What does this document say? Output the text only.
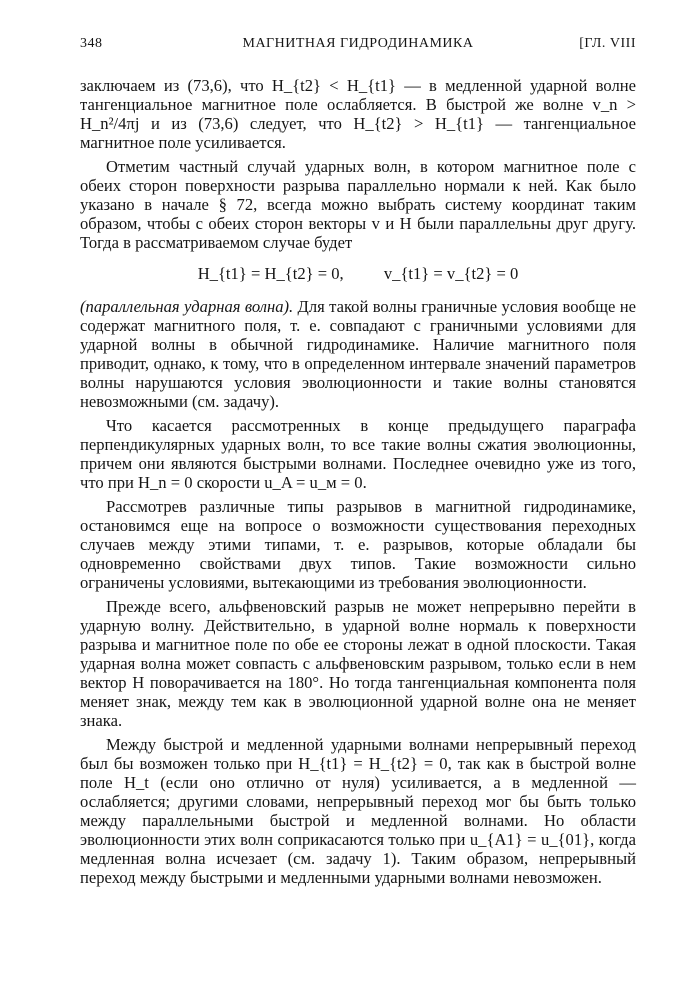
348	МАГНИТНАЯ ГИДРОДИНАМИКА	[ГЛ. VIII

заключаем из (73,6), что H_{t2} < H_{t1} — в медленной ударной волне тангенциальное магнитное поле ослабляется. В быстрой же волне v_n > H_n²/4πj и из (73,6) следует, что H_{t2} > H_{t1} — тангенциальное магнитное поле усиливается.

Отметим частный случай ударных волн, в котором магнитное поле с обеих сторон поверхности разрыва параллельно нормали к ней. Как было указано в начале § 72, всегда можно выбрать систему координат таким образом, чтобы с обеих сторон векторы v и H были параллельны друг другу. Тогда в рассматриваемом случае будет

H_{t1} = H_{t2} = 0, v_{t1} = v_{t2} = 0

(параллельная ударная волна). Для такой волны граничные условия вообще не содержат магнитного поля, т. е. совпадают с граничными условиями для ударной волны в обычной гидродинамике. Наличие магнитного поля приводит, однако, к тому, что в определенном интервале значений параметров волны нарушаются условия эволюционности и такие волны становятся невозможными (см. задачу).

Что касается рассмотренных в конце предыдущего параграфа перпендикулярных ударных волн, то все такие волны сжатия эволюционны, причем они являются быстрыми волнами. Последнее очевидно уже из того, что при H_n = 0 скорости u_A = u_м = 0.

Рассмотрев различные типы разрывов в магнитной гидродинамике, остановимся еще на вопросе о возможности существования переходных случаев между этими типами, т. е. разрывов, которые обладали бы одновременно свойствами двух типов. Такие возможности сильно ограничены условиями, вытекающими из требования эволюционности.

Прежде всего, альфвеновский разрыв не может непрерывно перейти в ударную волну. Действительно, в ударной волне нормаль к поверхности разрыва и магнитное поле по обе ее стороны лежат в одной плоскости. Такая ударная волна может совпасть с альфвеновским разрывом, только если в нем вектор H поворачивается на 180°. Но тогда тангенциальная компонента поля меняет знак, между тем как в эволюционной ударной волне она не меняет знака.

Между быстрой и медленной ударными волнами непрерывный переход был бы возможен только при H_{t1} = H_{t2} = 0, так как в быстрой волне поле H_t (если оно отлично от нуля) усиливается, а в медленной — ослабляется; другими словами, непрерывный переход мог бы быть только между параллельными быстрой и медленной волнами. Но области эволюционности этих волн соприкасаются только при u_{A1} = u_{01}, когда медленная волна исчезает (см. задачу 1). Таким образом, непрерывный переход между быстрыми и медленными ударными волнами невозможен.
